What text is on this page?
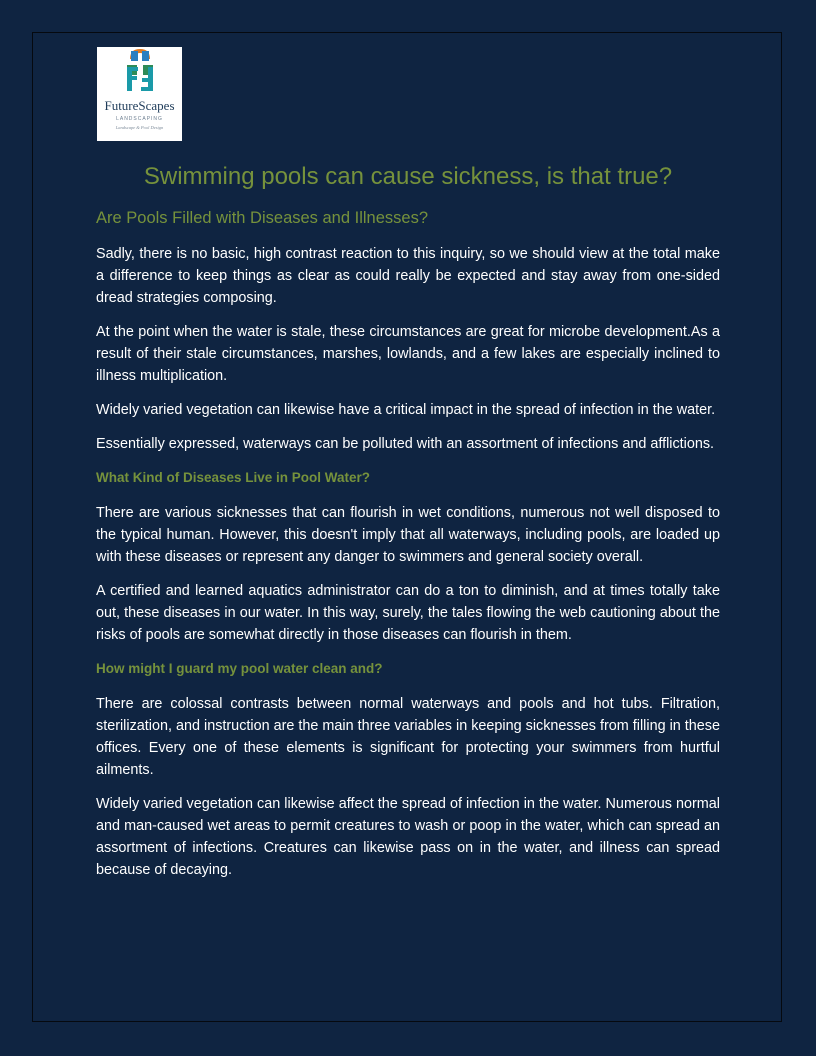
FutureScapes
LANDSCAPING
Landscape & Pool Design
Swimming pools can cause sickness, is that true?
Are Pools Filled with Diseases and Illnesses?

Sadly, there is no basic, high contrast reaction to this inquiry, so we should view at the total make a difference to keep things as clear as could really be expected and stay away from one-sided dread strategies composing.

At the point when the water is stale, these circumstances are great for microbe development.As a result of their stale circumstances, marshes, lowlands, and a few lakes are especially inclined to illness multiplication.

Widely varied vegetation can likewise have a critical impact in the spread of infection in the water.

Essentially expressed, waterways can be polluted with an assortment of infections and afflictions.

What Kind of Diseases Live in Pool Water?

There are various sicknesses that can flourish in wet conditions, numerous not well disposed to the typical human. However, this doesn't imply that all waterways, including pools, are loaded up with these diseases or represent any danger to swimmers and general society overall.

A certified and learned aquatics administrator can do a ton to diminish, and at times totally take out, these diseases in our water. In this way, surely, the tales flowing the web cautioning about the risks of pools are somewhat directly in those diseases can flourish in them.

How might I guard my pool water clean and?

There are colossal contrasts between normal waterways and pools and hot tubs. Filtration, sterilization, and instruction are the main three variables in keeping sicknesses from filling in these offices. Every one of these elements is significant for protecting your swimmers from hurtful ailments.

Widely varied vegetation can likewise affect the spread of infection in the water. Numerous normal and man-caused wet areas to permit creatures to wash or poop in the water, which can spread an assortment of infections. Creatures can likewise pass on in the water, and illness can spread because of decaying.
